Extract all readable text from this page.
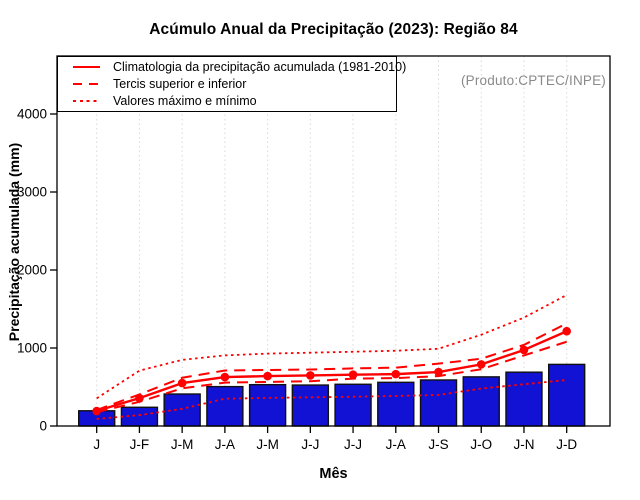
Acúmulo Anual da Precipitação (2023): Região 84
0
1000
2000
3000
4000
J J-F J-M J-A J-M J-J J-J J-A J-S J-O J-N J-D
(Produto:CPTEC/INPE)
Climatologia da precipitação acumulada (1981-2010)
Tercis superior e inferior
Valores máximo e mínimo
Precipitação acumulada (mm)
Mês
